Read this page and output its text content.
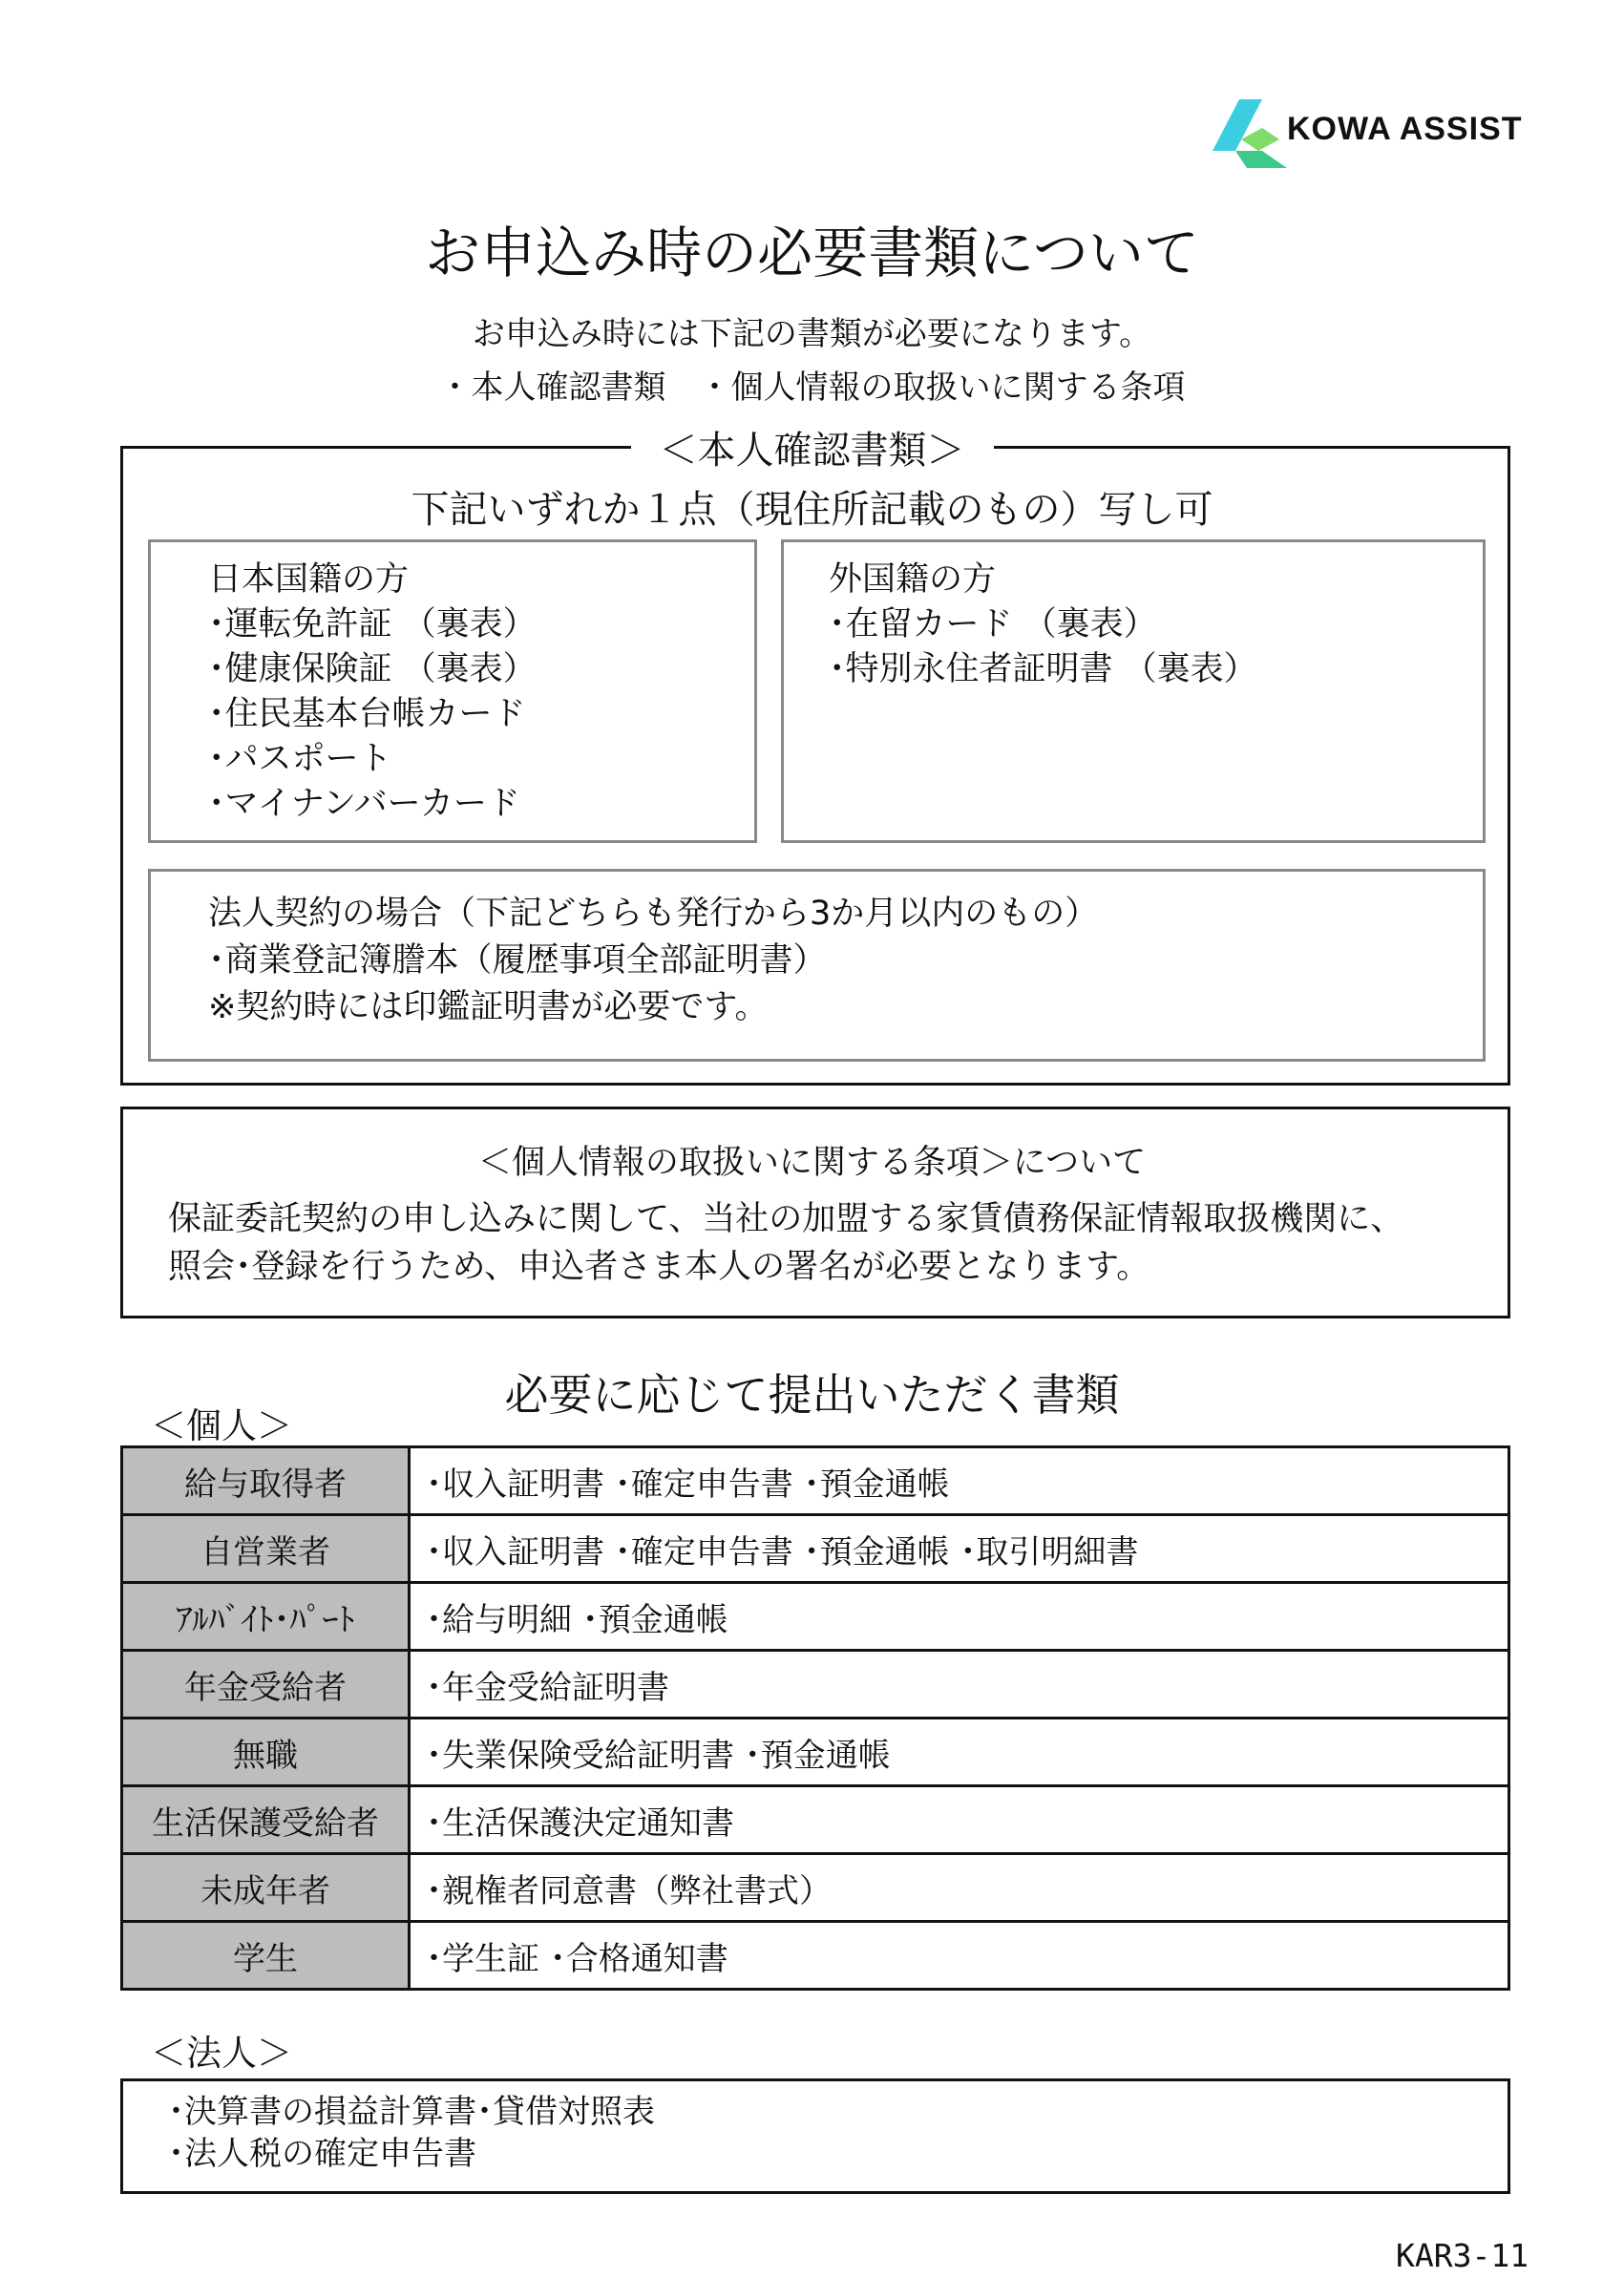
KOWA ASSIST
お申込み時の必要書類について
お申込み時には下記の書類が必要になります。
・本人確認書類　・個人情報の取扱いに関する条項
＜本人確認書類＞
下記いずれか１点（現住所記載のもの）写し可
日本国籍の方
･運転免許証 （裏表）
･健康保険証 （裏表）
･住民基本台帳カード
･パスポート
･マイナンバーカード
外国籍の方
･在留カード （裏表）
･特別永住者証明書 （裏表）
法人契約の場合（下記どちらも発行から3か月以内のもの）
･商業登記簿謄本（履歴事項全部証明書）
※契約時には印鑑証明書が必要です。
＜個人情報の取扱いに関する条項＞について
保証委託契約の申し込みに関して、当社の加盟する家賃債務保証情報取扱機関に、
照会･登録を行うため、申込者さま本人の署名が必要となります。
必要に応じて提出いただく書類
＜個人＞
給与取得者	･収入証明書 ･確定申告書 ･預金通帳
自営業者	･収入証明書 ･確定申告書 ･預金通帳 ･取引明細書
ｱﾙﾊﾞｲﾄ･ﾊﾟｰﾄ	･給与明細 ･預金通帳
年金受給者	･年金受給証明書
無職	･失業保険受給証明書 ･預金通帳
生活保護受給者	･生活保護決定通知書
未成年者	･親権者同意書（弊社書式）
学生	･学生証 ･合格通知書
＜法人＞
･決算書の損益計算書･貸借対照表
･法人税の確定申告書
KAR3-11
